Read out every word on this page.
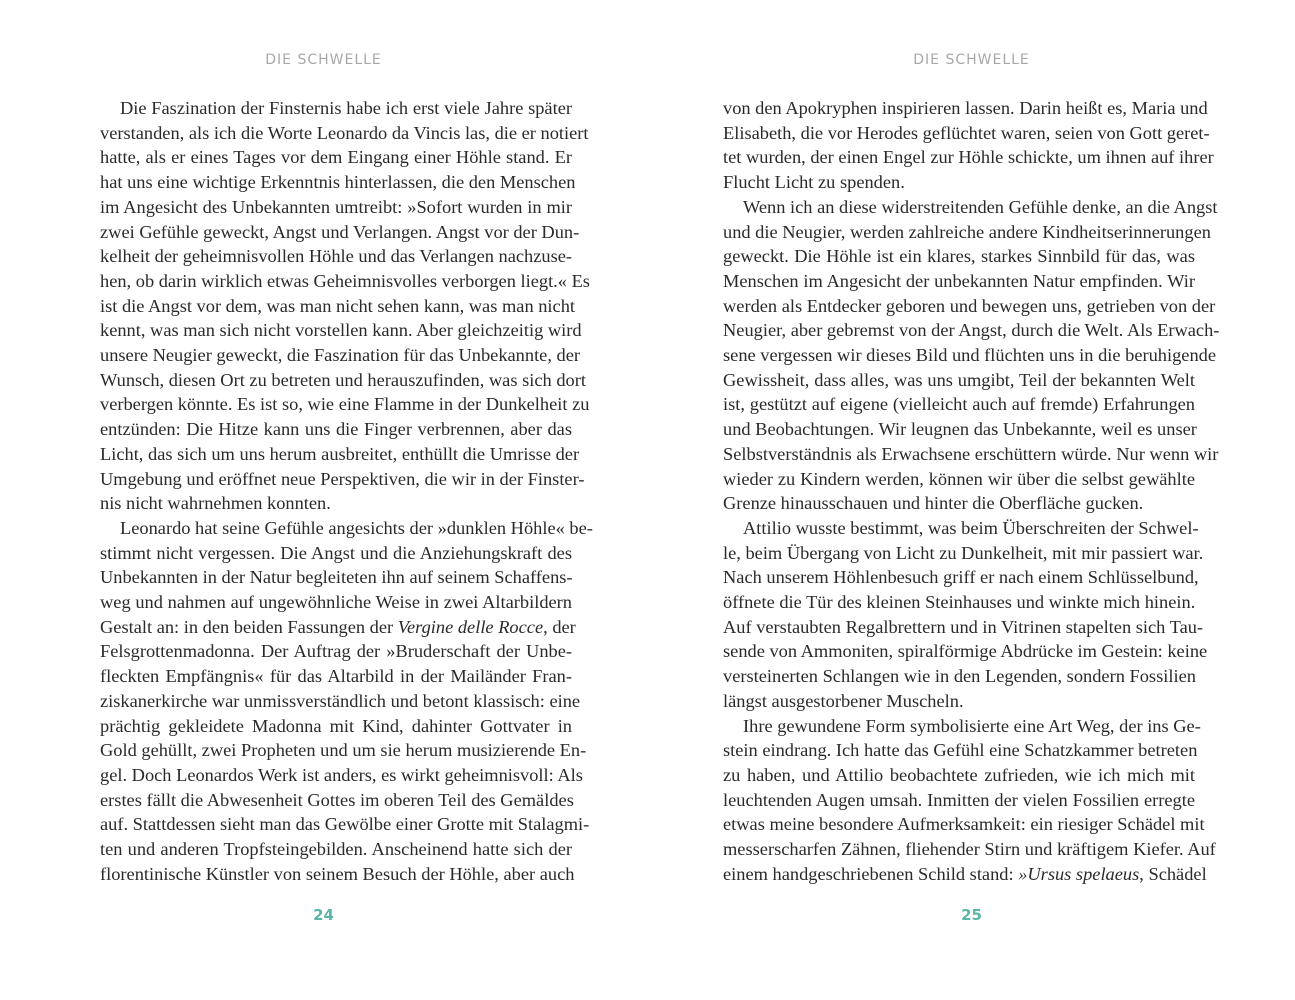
DIE SCHWELLE
Die Faszination der Finsternis habe ich erst viele Jahre später
verstanden, als ich die Worte Leonardo da Vincis las, die er notiert
hatte, als er eines Tages vor dem Eingang einer Höhle stand. Er
hat uns eine wichtige Erkenntnis hinterlassen, die den Menschen
im Angesicht des Unbekannten umtreibt: »Sofort wurden in mir
zwei Gefühle geweckt, Angst und Verlangen. Angst vor der Dun-
kelheit der geheimnisvollen Höhle und das Verlangen nachzuse-
hen, ob darin wirklich etwas Geheimnisvolles verborgen liegt.« Es
ist die Angst vor dem, was man nicht sehen kann, was man nicht
kennt, was man sich nicht vorstellen kann. Aber gleichzeitig wird
unsere Neugier geweckt, die Faszination für das Unbekannte, der
Wunsch, diesen Ort zu betreten und herauszufinden, was sich dort
verbergen könnte. Es ist so, wie eine Flamme in der Dunkelheit zu
entzünden: Die Hitze kann uns die Finger verbrennen, aber das
Licht, das sich um uns herum ausbreitet, enthüllt die Umrisse der
Umgebung und eröffnet neue Perspektiven, die wir in der Finster-
nis nicht wahrnehmen konnten.
Leonardo hat seine Gefühle angesichts der »dunklen Höhle« be-
stimmt nicht vergessen. Die Angst und die Anziehungskraft des
Unbekannten in der Natur begleiteten ihn auf seinem Schaffens-
weg und nahmen auf ungewöhnliche Weise in zwei Altarbildern
Gestalt an: in den beiden Fassungen der Vergine delle Rocce, der
Felsgrottenmadonna. Der Auftrag der »Bruderschaft der Unbe-
fleckten Empfängnis« für das Altarbild in der Mailänder Fran-
ziskanerkirche war unmissverständlich und betont klassisch: eine
prächtig gekleidete Madonna mit Kind, dahinter Gottvater in
Gold gehüllt, zwei Propheten und um sie herum musizierende En-
gel. Doch Leonardos Werk ist anders, es wirkt geheimnisvoll: Als
erstes fällt die Abwesenheit Gottes im oberen Teil des Gemäldes
auf. Stattdessen sieht man das Gewölbe einer Grotte mit Stalagmi-
ten und anderen Tropfsteingebilden. Anscheinend hatte sich der
florentinische Künstler von seinem Besuch der Höhle, aber auch
24
DIE SCHWELLE
von den Apokryphen inspirieren lassen. Darin heißt es, Maria und
Elisabeth, die vor Herodes geflüchtet waren, seien von Gott geret-
tet wurden, der einen Engel zur Höhle schickte, um ihnen auf ihrer
Flucht Licht zu spenden.
Wenn ich an diese widerstreitenden Gefühle denke, an die Angst
und die Neugier, werden zahlreiche andere Kindheitserinnerungen
geweckt. Die Höhle ist ein klares, starkes Sinnbild für das, was
Menschen im Angesicht der unbekannten Natur empfinden. Wir
werden als Entdecker geboren und bewegen uns, getrieben von der
Neugier, aber gebremst von der Angst, durch die Welt. Als Erwach-
sene vergessen wir dieses Bild und flüchten uns in die beruhigende
Gewissheit, dass alles, was uns umgibt, Teil der bekannten Welt
ist, gestützt auf eigene (vielleicht auch auf fremde) Erfahrungen
und Beobachtungen. Wir leugnen das Unbekannte, weil es unser
Selbstverständnis als Erwachsene erschüttern würde. Nur wenn wir
wieder zu Kindern werden, können wir über die selbst gewählte
Grenze hinausschauen und hinter die Oberfläche gucken.
Attilio wusste bestimmt, was beim Überschreiten der Schwel-
le, beim Übergang von Licht zu Dunkelheit, mit mir passiert war.
Nach unserem Höhlenbesuch griff er nach einem Schlüsselbund,
öffnete die Tür des kleinen Steinhauses und winkte mich hinein.
Auf verstaubten Regalbrettern und in Vitrinen stapelten sich Tau-
sende von Ammoniten, spiralförmige Abdrücke im Gestein: keine
versteinerten Schlangen wie in den Legenden, sondern Fossilien
längst ausgestorbener Muscheln.
Ihre gewundene Form symbolisierte eine Art Weg, der ins Ge-
stein eindrang. Ich hatte das Gefühl eine Schatzkammer betreten
zu haben, und Attilio beobachtete zufrieden, wie ich mich mit
leuchtenden Augen umsah. Inmitten der vielen Fossilien erregte
etwas meine besondere Aufmerksamkeit: ein riesiger Schädel mit
messerscharfen Zähnen, fliehender Stirn und kräftigem Kiefer. Auf
einem handgeschriebenen Schild stand: »Ursus spelaeus, Schädel
25
